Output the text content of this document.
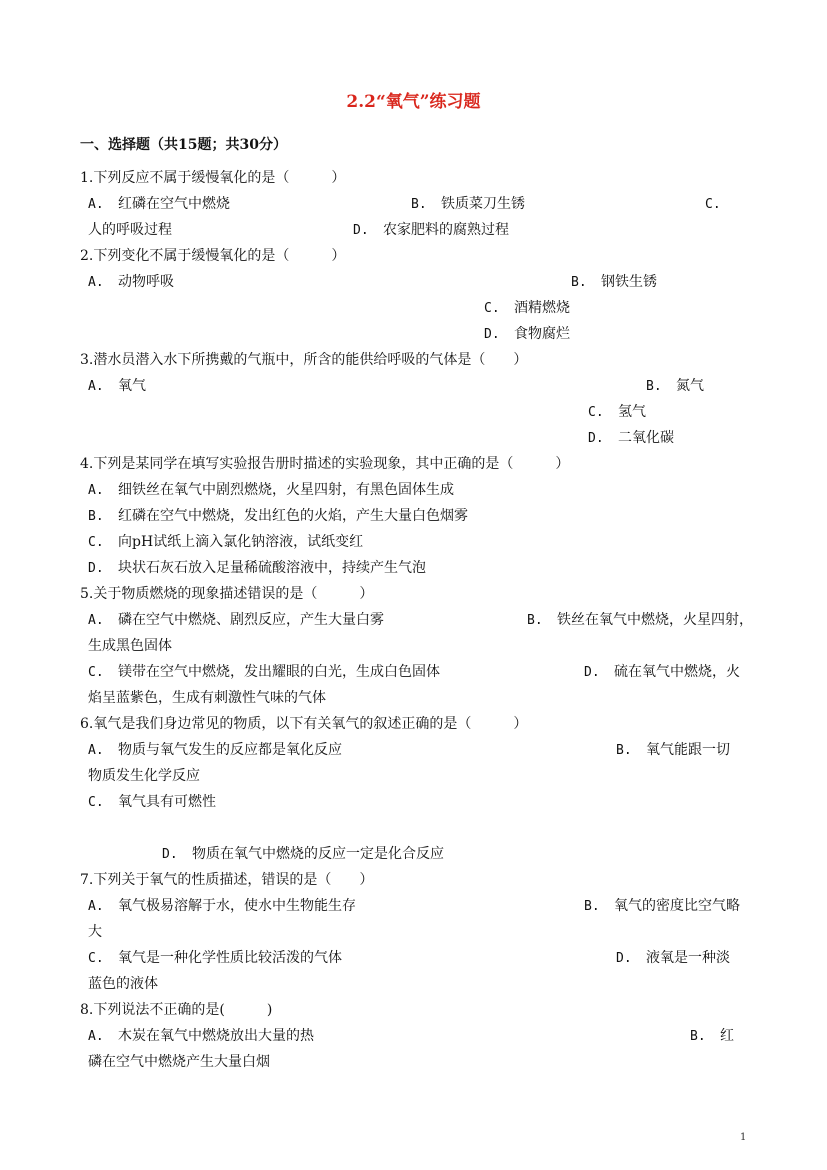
2.2“氧气”练习题
一、选择题（共15题；共30分）
1.下列反应不属于缓慢氧化的是（　　　）
A. 红磷在空气中燃烧	B. 铁质菜刀生锈	C.
人的呼吸过程	D. 农家肥料的腐熟过程
2.下列变化不属于缓慢氧化的是（　　　）
A. 动物呼吸	B. 钢铁生锈
C. 酒精燃烧
D. 食物腐烂
3.潜水员潜入水下所携戴的气瓶中，所含的能供给呼吸的气体是（　　）
A. 氧气	B. 氮气
C. 氢气
D. 二氧化碳
4.下列是某同学在填写实验报告册时描述的实验现象，其中正确的是（　　　）
A. 细铁丝在氧气中剧烈燃烧，火星四射，有黑色固体生成
B. 红磷在空气中燃烧，发出红色的火焰，产生大量白色烟雾
C. 向pH试纸上滴入氯化钠溶液，试纸变红
D. 块状石灰石放入足量稀硫酸溶液中，持续产生气泡
5.关于物质燃烧的现象描述错误的是（　　　）
A. 磷在空气中燃烧、剧烈反应，产生大量白雾	B. 铁丝在氧气中燃烧，火星四射，
生成黑色固体
C. 镁带在空气中燃烧，发出耀眼的白光，生成白色固体	D. 硫在氧气中燃烧，火
焰呈蓝紫色，生成有刺激性气味的气体
6.氧气是我们身边常见的物质，以下有关氧气的叙述正确的是（　　　）
A. 物质与氧气发生的反应都是氧化反应	B. 氧气能跟一切
物质发生化学反应
C. 氧气具有可燃性
D. 物质在氧气中燃烧的反应一定是化合反应
7.下列关于氧气的性质描述，错误的是（　　）
A. 氧气极易溶解于水，使水中生物能生存	B. 氧气的密度比空气略
大
C. 氧气是一种化学性质比较活泼的气体	D. 液氧是一种淡
蓝色的液体
8.下列说法不正确的是(　　　)
A. 木炭在氧气中燃烧放出大量的热	B. 红
磷在空气中燃烧产生大量白烟
1
